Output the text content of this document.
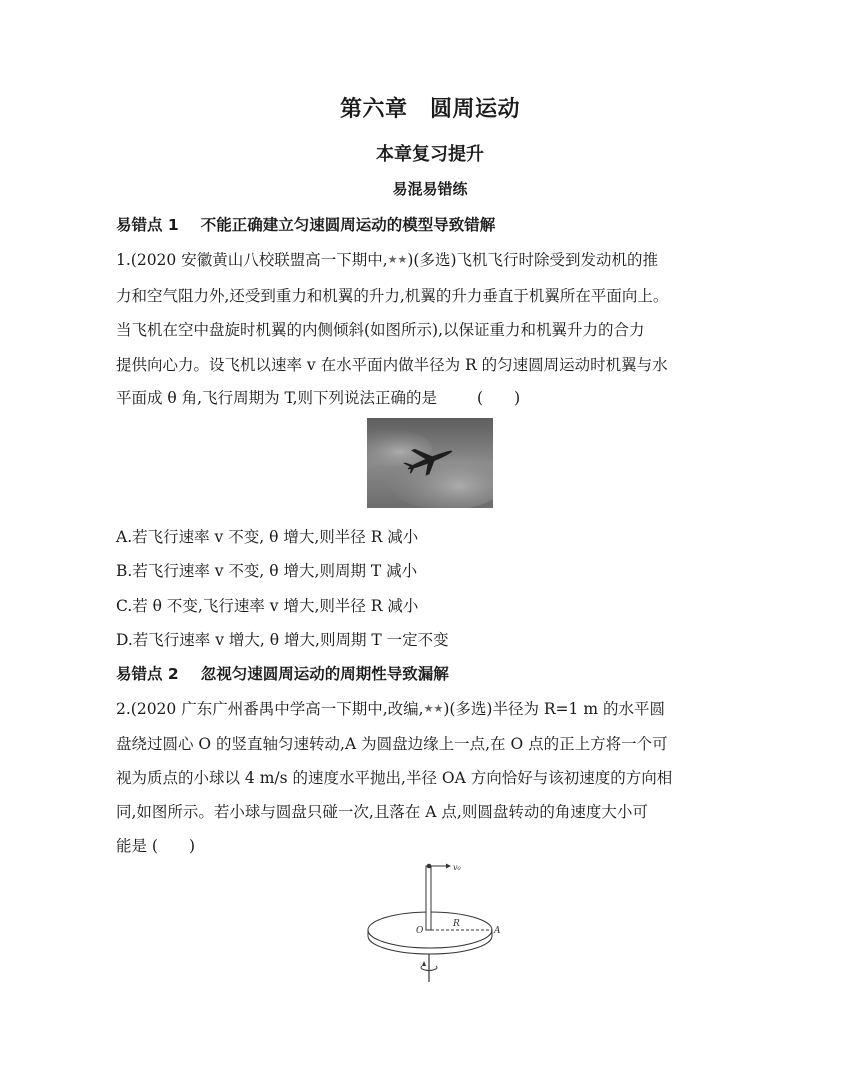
第六章　圆周运动
本章复习提升
易混易错练
易错点 1 不能正确建立匀速圆周运动的模型导致错解
1.(2020 安徽黄山八校联盟高一下期中,★★)(多选)飞机飞行时除受到发动机的推
力和空气阻力外,还受到重力和机翼的升力,机翼的升力垂直于机翼所在平面向上。
当飞机在空中盘旋时机翼的内侧倾斜(如图所示),以保证重力和机翼升力的合力
提供向心力。设飞机以速率 v 在水平面内做半径为 R 的匀速圆周运动时机翼与水
平面成 θ 角,飞行周期为 T,则下列说法正确的是	(　　)
A.若飞行速率 v 不变, θ 增大,则半径 R 减小
B.若飞行速率 v 不变, θ 增大,则周期 T 减小
C.若 θ 不变,飞行速率 v 增大,则半径 R 减小
D.若飞行速率 v 增大, θ 增大,则周期 T 一定不变
易错点 2 忽视匀速圆周运动的周期性导致漏解
2.(2020 广东广州番禺中学高一下期中,改编,★★)(多选)半径为 R=1 m 的水平圆
盘绕过圆心 O 的竖直轴匀速转动,A 为圆盘边缘上一点,在 O 点的正上方将一个可
视为质点的小球以 4 m/s 的速度水平抛出,半径 OA 方向恰好与该初速度的方向相
同,如图所示。若小球与圆盘只碰一次,且落在 A 点,则圆盘转动的角速度大小可
能是 (　　)
v₀
O
R
A
